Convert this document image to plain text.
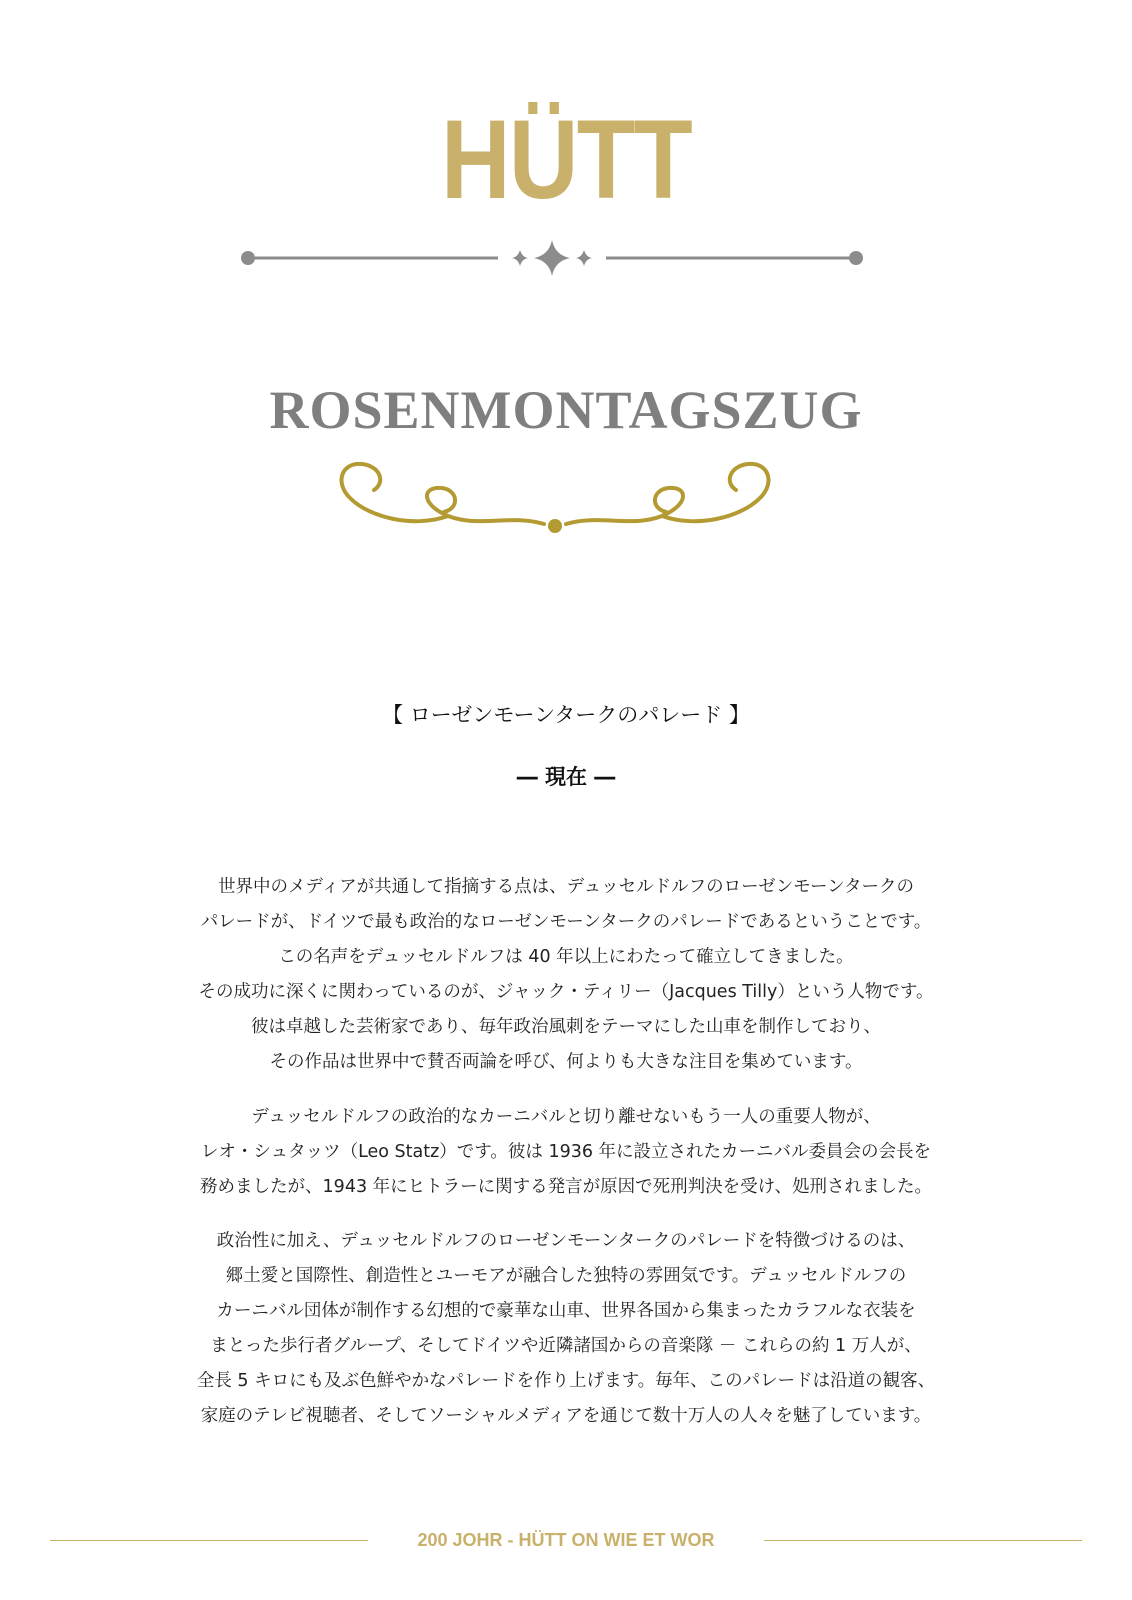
HÜTT
ROSENMONTAGSZUG
【 ローゼンモーンタークのパレード 】
― 現在 ―
世界中のメディアが共通して指摘する点は、デュッセルドルフのローゼンモーンタークの
パレードが、ドイツで最も政治的なローゼンモーンタークのパレードであるということです。
この名声をデュッセルドルフは 40 年以上にわたって確立してきました。
その成功に深くに関わっているのが、ジャック・ティリー（Jacques Tilly）という人物です。
彼は卓越した芸術家であり、毎年政治風刺をテーマにした山車を制作しており、
その作品は世界中で賛否両論を呼び、何よりも大きな注目を集めています。
デュッセルドルフの政治的なカーニバルと切り離せないもう一人の重要人物が、
レオ・シュタッツ（Leo Statz）です。彼は 1936 年に設立されたカーニバル委員会の会長を
務めましたが、1943 年にヒトラーに関する発言が原因で死刑判決を受け、処刑されました。
政治性に加え、デュッセルドルフのローゼンモーンタークのパレードを特徴づけるのは、
郷土愛と国際性、創造性とユーモアが融合した独特の雰囲気です。デュッセルドルフの
カーニバル団体が制作する幻想的で豪華な山車、世界各国から集まったカラフルな衣装を
まとった歩行者グループ、そしてドイツや近隣諸国からの音楽隊 － これらの約 1 万人が、
全長 5 キロにも及ぶ色鮮やかなパレードを作り上げます。毎年、このパレードは沿道の観客、
家庭のテレビ視聴者、そしてソーシャルメディアを通じて数十万人の人々を魅了しています。
200 JOHR - HÜTT ON WIE ET WOR
